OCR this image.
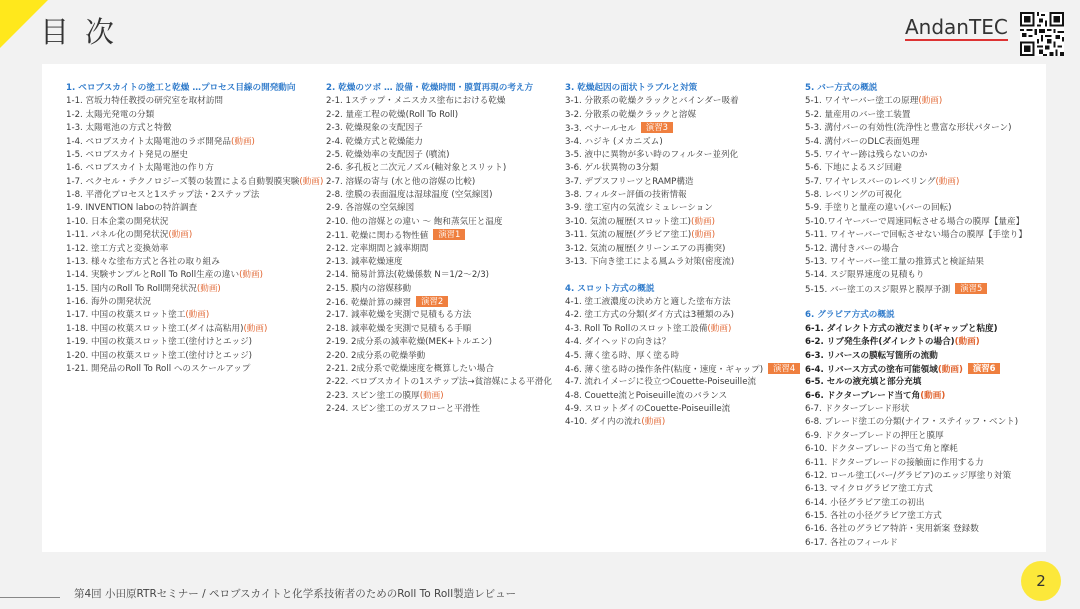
目次	AndanTEC
1. ペロブスカイトの塗工と乾燥 …プロセス目線の開発動向
1-1. 宮坂力特任教授の研究室を取材訪問
1-2. 太陽光発電の分類
1-3. 太陽電池の方式と特徴
1-4. ペロブスカイト太陽電池のラボ開発品(動画)
1-5. ペロブスカイト発見の歴史
1-6. ペロブスカイト太陽電池の作り方
1-7. ペクセル・テクノロジーズ製の装置による自動製膜実験(動画)
1-8. 平滑化プロセスと1ステップ法・2ステップ法
1-9. INVENTION laboの特許調査
1-10. 日本企業の開発状況
1-11. パネル化の開発状況(動画)
1-12. 塗工方式と変換効率
1-13. 様々な塗布方式と各社の取り組み
1-14. 実験サンプルとRoll To Roll生産の違い(動画)
1-15. 国内のRoll To Roll開発状況(動画)
1-16. 海外の開発状況
1-17. 中国の枚葉スロット塗工(動画)
1-18. 中国の枚葉スロット塗工(ダイは高粘用)(動画)
1-19. 中国の枚葉スロット塗工(塗付けとエッジ)
1-20. 中国の枚葉スロット塗工(塗付けとエッジ)
1-21. 開発品のRoll To Roll へのスケールアップ
2. 乾燥のツボ … 設備・乾燥時間・膜質再現の考え方
2-1. 1ステップ・メニスカス塗布における乾燥
2-2. 量産工程の乾燥(Roll To Roll)
2-3. 乾燥現象の支配因子
2-4. 乾燥方式と乾燥能力
2-5. 乾燥効率の支配因子 (噴流)
2-6. 多孔板と二次元ノズル(軸対象とスリット)
2-7. 溶媒の寄与 (水と他の溶媒の比較)
2-8. 塗膜の表面温度は湿球温度 (空気線図)
2-9. 各溶媒の空気線図
2-10. 他の溶媒との違い ～ 飽和蒸気圧と温度
2-11. 乾燥に関わる物性値 演習1
2-12. 定率期間と減率期間
2-13. 減率乾燥速度
2-14. 簡易計算法(乾燥係数 N＝1/2～2/3)
2-15. 膜内の溶媒移動
2-16. 乾燥計算の練習 演習2
2-17. 減率乾燥を実測で見積もる方法
2-18. 減率乾燥を実測で見積もる手順
2-19. 2成分系の減率乾燥(MEK+トルエン)
2-20. 2成分系の乾燥挙動
2-21. 2成分系で乾燥速度を概算したい場合
2-22. ペロブスカイトの1ステップ法→貧溶媒による平滑化
2-23. スピン塗工の膜厚(動画)
2-24. スピン塗工のガスフローと平滑性
3. 乾燥起因の面状トラブルと対策
3-1. 分散系の乾燥クラックとバインダー吸着
3-2. 分散系の乾燥クラックと溶媒
3-3. ベナールセル 演習3
3-4. ハジキ (メカニズム)
3-5. 液中に異物が多い時のフィルター並列化
3-6. ゲル状異物の3分類
3-7. デプスフリーツとRAMP構造
3-8. フィルター評価の技術情報
3-9. 塗工室内の気流シミュレーション
3-10. 気流の履歴(スロット塗工)(動画)
3-11. 気流の履歴(グラビア塗工)(動画)
3-12. 気流の履歴(クリーンエアの再衝突)
3-13. 下向き塗工による風ムラ対策(密度流)
4. スロット方式の概説
4-1. 塗工液濃度の決め方と適した塗布方法
4-2. 塗工方式の分類(ダイ方式は3種類のみ)
4-3. Roll To Rollのスロット塗工設備(動画)
4-4. ダイヘッドの向きは？
4-5. 薄く塗る時、厚く塗る時
4-6. 薄く塗る時の操作条件(粘度・速度・ギャップ) 演習4
4-7. 流れイメージに役立つCouette-Poiseuille流
4-8. Couette流とPoiseuille流のバランス
4-9. スロットダイのCouette-Poiseuille流
4-10. ダイ内の流れ(動画)
5. バー方式の概説
5-1. ワイヤーバー塗工の原理(動画)
5-2. 量産用のバー塗工装置
5-3. 溝付バーの有効性(洗浄性と豊富な形状パターン)
5-4. 溝付バーのDLC表面処理
5-5. ワイヤー跡は残らないのか
5-6. 下地によるスジ回避
5-7. ワイヤレスバーのレベリング(動画)
5-8. レベリングの可視化
5-9. 手塗りと量産の違い(バーの回転)
5-10.ワイヤーバーで周速同転させる場合の膜厚【量産】
5-11. ワイヤーバーで回転させない場合の膜厚【手塗り】
5-12. 溝付きバーの場合
5-13. ワイヤーバー塗工量の推算式と検証結果
5-14. スジ限界速度の見積もり
5-15. バー塗工のスジ限界と膜厚予測 演習5
6. グラビア方式の概説
6-1. ダイレクト方式の液だまり(ギャップと粘度)
6-2. リブ発生条件(ダイレクトの場合)(動画)
6-3. リバースの膜転写箇所の流動
6-4. リバース方式の塗布可能領域(動画) 演習6
6-5. セルの液充填と部分充填
6-6. ドクターブレード当て角(動画)
6-7. ドクターブレード形状
6-8. ブレード塗工の分類(ナイフ・ステイッフ・ベント)
6-9. ドクターブレードの押圧と膜厚
6-10. ドクターブレードの当て角と摩耗
6-11. ドクターブレードの接触面に作用する力
6-12. ロール塗工(バー/グラビア)のエッジ厚塗り対策
6-13. マイクログラビア塗工方式
6-14. 小径グラビア塗工の初出
6-15. 各社の小径グラビア塗工方式
6-16. 各社のグラビア特許・実用新案 登録数
6-17. 各社のフィールド
第4回 小田原RTRセミナー / ペロブスカイトと化学系技術者のためのRoll To Roll製造レビュー
2
